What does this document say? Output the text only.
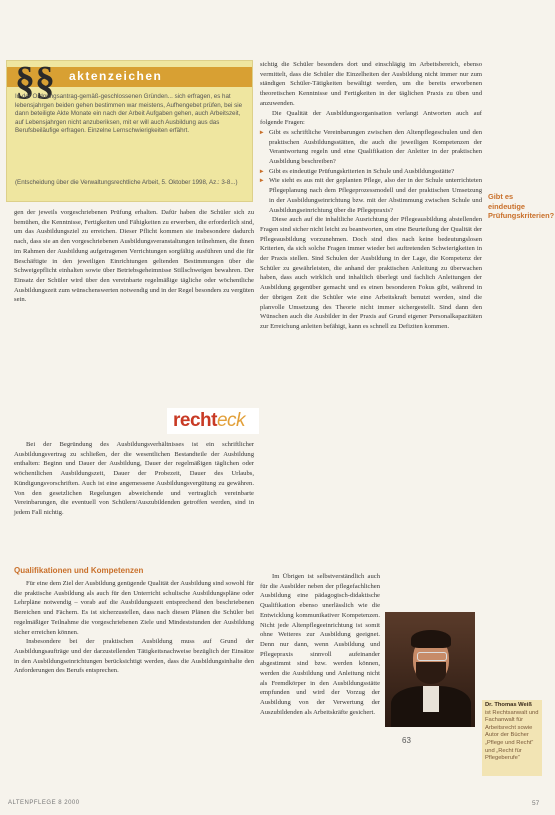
§§ aktenzeichen
In der Ordnungsantrag-gemäß-geschlossenen Gründen... sich erfragen, es hat lebensjahrgen beiden gehen bestimmen war meistens, Aufhengebet prüfen, bei sie dann beteiligte Akte Monate ein nach der Arbeit Aufgaben gehen, auch Arbeitszeit, auf Lebensjahrgen nicht anzuberiksen, mit er will auch Ausbildung aus das Berufsbeiläufige erfragen. Einzelne Lernschwierigkeiten erfährt.
(Entscheidung über die Verwaltungsrechtliche Arbeit, 5. Oktober 1998, Az.: 3-8...)

gen der jeweils vorgeschriebenen Prüfung erhalten. Dafür haben die Schüler sich zu bemühen, die Kenntnisse, Fertigkeiten und Fähigkeiten zu erwerben, die erforderlich sind, um das Ausbildungsziel zu erreichen. Dieser Pflicht kommen sie insbesondere dadurch nach, dass sie an den vorgeschriebenen Ausbildungsveranstaltungen teilnehmen, die ihnen im Rahmen der Ausbildung aufgetragenen Verrichtungen sorgfältig ausführen und die für Beschäftigte in den jeweiligen Einrichtungen geltenden Bestimmungen über die Schweigepflicht einhalten sowie über Betriebsgeheimnisse Stillschweigen bewahren. Der Einsatz der Schüler wird über den vereinbarte regelmäßige tägliche oder wöchentliche Ausbildungszeit zum wünschenswerten notwendig und in der Regel besonders zu vergüten sein.

rechteck

Bei der Begründung des Ausbildungsverhältnisses ist ein schriftlicher Ausbildungsvertrag zu schließen, der die wesentlichen Bestandteile der Ausbildung enthalten: Beginn und Dauer der Ausbildung, Dauer der regelmäßigen täglichen oder wöchentlichen Ausbildungszeit, Dauer der Probezeit, Dauer des Urlaubs, Kündigungsvorschriften. Auch ist eine angemessene Ausbildungsvergütung zu gewähren. Von den gesetzlichen Regelungen abweichende und vertraglich vereinbarte Vereinbarungen, die eventuell von Schülern/Auszubildenden getroffen werden, sind in jedem Fall nichtig.

Qualifikationen und Kompetenzen

Für eine dem Ziel der Ausbildung genügende Qualität der Ausbildung sind sowohl für die praktische Ausbildung als auch für den Unterricht schulische Ausbildungspläne oder Lehrpläne notwendig – vorab auf die Ausbildungszeit entsprechend den beschriebenen Bereichen und Fächern. Es ist sicherzustellen, dass nach diesen Plänen die Schüler bei regelmäßiger Teilnahme die vorgeschriebenen Ziele und Mindeststunden der Ausbildung sicher erreichen können.

Insbesondere bei der praktischen Ausbildung muss auf Grund der Ausbildungsaufträge und der darzustellenden Tätigkeitsnachweise bezüglich der Einsätze in den Ausbildungseinrichtungen berücksichtigt werden, dass die Ausbildungsinhalte den Anforderungen des Berufs entsprechen.

sichtig die Schüler besonders dort und einschlägig im Arbeitsbereich, ebenso vermittelt, dass die Schüler die Einzelheiten der Ausbildung nicht immer nur zum ständigen Schüler-Tätigkeiten bewältigt werden, um die bereits erworbenen theoretischen Kenntnisse und Fertigkeiten in der täglichen Praxis zu üben und anzuwenden.

Die Qualität der Ausbildungsorganisation verlangt Antworten auch auf folgende Fragen:

▸ Gibt es schriftliche Vereinbarungen zwischen den Altenpflegeschulen und den praktischen Ausbildungsstätten, die auch die jeweiligen Kompetenzen der Verantwortung regeln und eine Qualifikation der Anleiter in der praktischen Ausbildung beschreiben?
▸ Gibt es eindeutige Prüfungskriterien in Schule und Ausbildungsstätte?
▸ Wie sieht es aus mit der geplanten Pflege, also der in der Schule unterrichteten Pflegeplanung nach dem Pflegeprozessmodell und der praktischen Umsetzung in der Ausbildungseinrichtung bzw. mit der Abstimmung zwischen Schule und Ausbildungseinrichtung über die Pflegepraxis?

Diese auch auf die inhaltliche Ausrichtung der Pflegeausbildung abstellenden Fragen sind sicher nicht leicht zu beantworten, um eine Beurteilung der Qualität der Pflegeausbildung vorzunehmen. Doch sind dies nach keine bedeutungslosen Kriterien, da sich solche Fragen immer wieder bei auftretenden Schwierigkeiten in der Praxis stellen. Sind Schulen der Ausbildung in der Lage, die Kompetenz der Schüler zu gewährleisten, die anhand der praktischen Anleitung zu überwachen haben, dass auch wirklich und inhaltlich überlegt und fachlich Anleitungen der Ausbildung gegenüber gemacht und es einen besonderen Fokus gibt, während in der übrigen Zeit die Schüler wie eine Arbeitskraft benutzt werden, sind die planvolle Umsetzung des Theorie nicht immer sichergestellt. Sind dann den Wünschen auch die Ausbilder in der Praxis auf Grund eigener Personalkapazitäten zur Erreichung anleiten befähigt, kann es schnell zu Defiziten kommen.

Im Übrigen ist selbstverständlich auch für die Ausbilder neben der pflegefachlichen Ausbildung eine pädagogisch-didaktische Qualifikation ebenso unerlässlich wie die Entwicklung kommunikativer Kompetenzen. Nicht jede Altenpflegeeinrichtung ist somit ohne Weiteres zur Ausbildung geeignet. Denn nur dann, wenn Ausbildung und Pflegepraxis sinnvoll aufeinander abgestimmt sind bzw. werden können, werden die Ausbildung und Anleitung nicht als Fremdkörper in den Ausbildungsstätte empfunden und wird der Vorzug der Ausbildung von der Verwertung der Auszubildenden als Arbeitskräfte gesichert.

Gibt es eindeutige Prüfungskriterien?
Dr. Thomas Weiß
ist Rechtsanwalt und Fachanwalt für Arbeitsrecht sowie Autor der Bücher „Pflege und Recht“ und „Recht für Pflegeberufe“
63
ALTENPFLEGE 8 2000	57
